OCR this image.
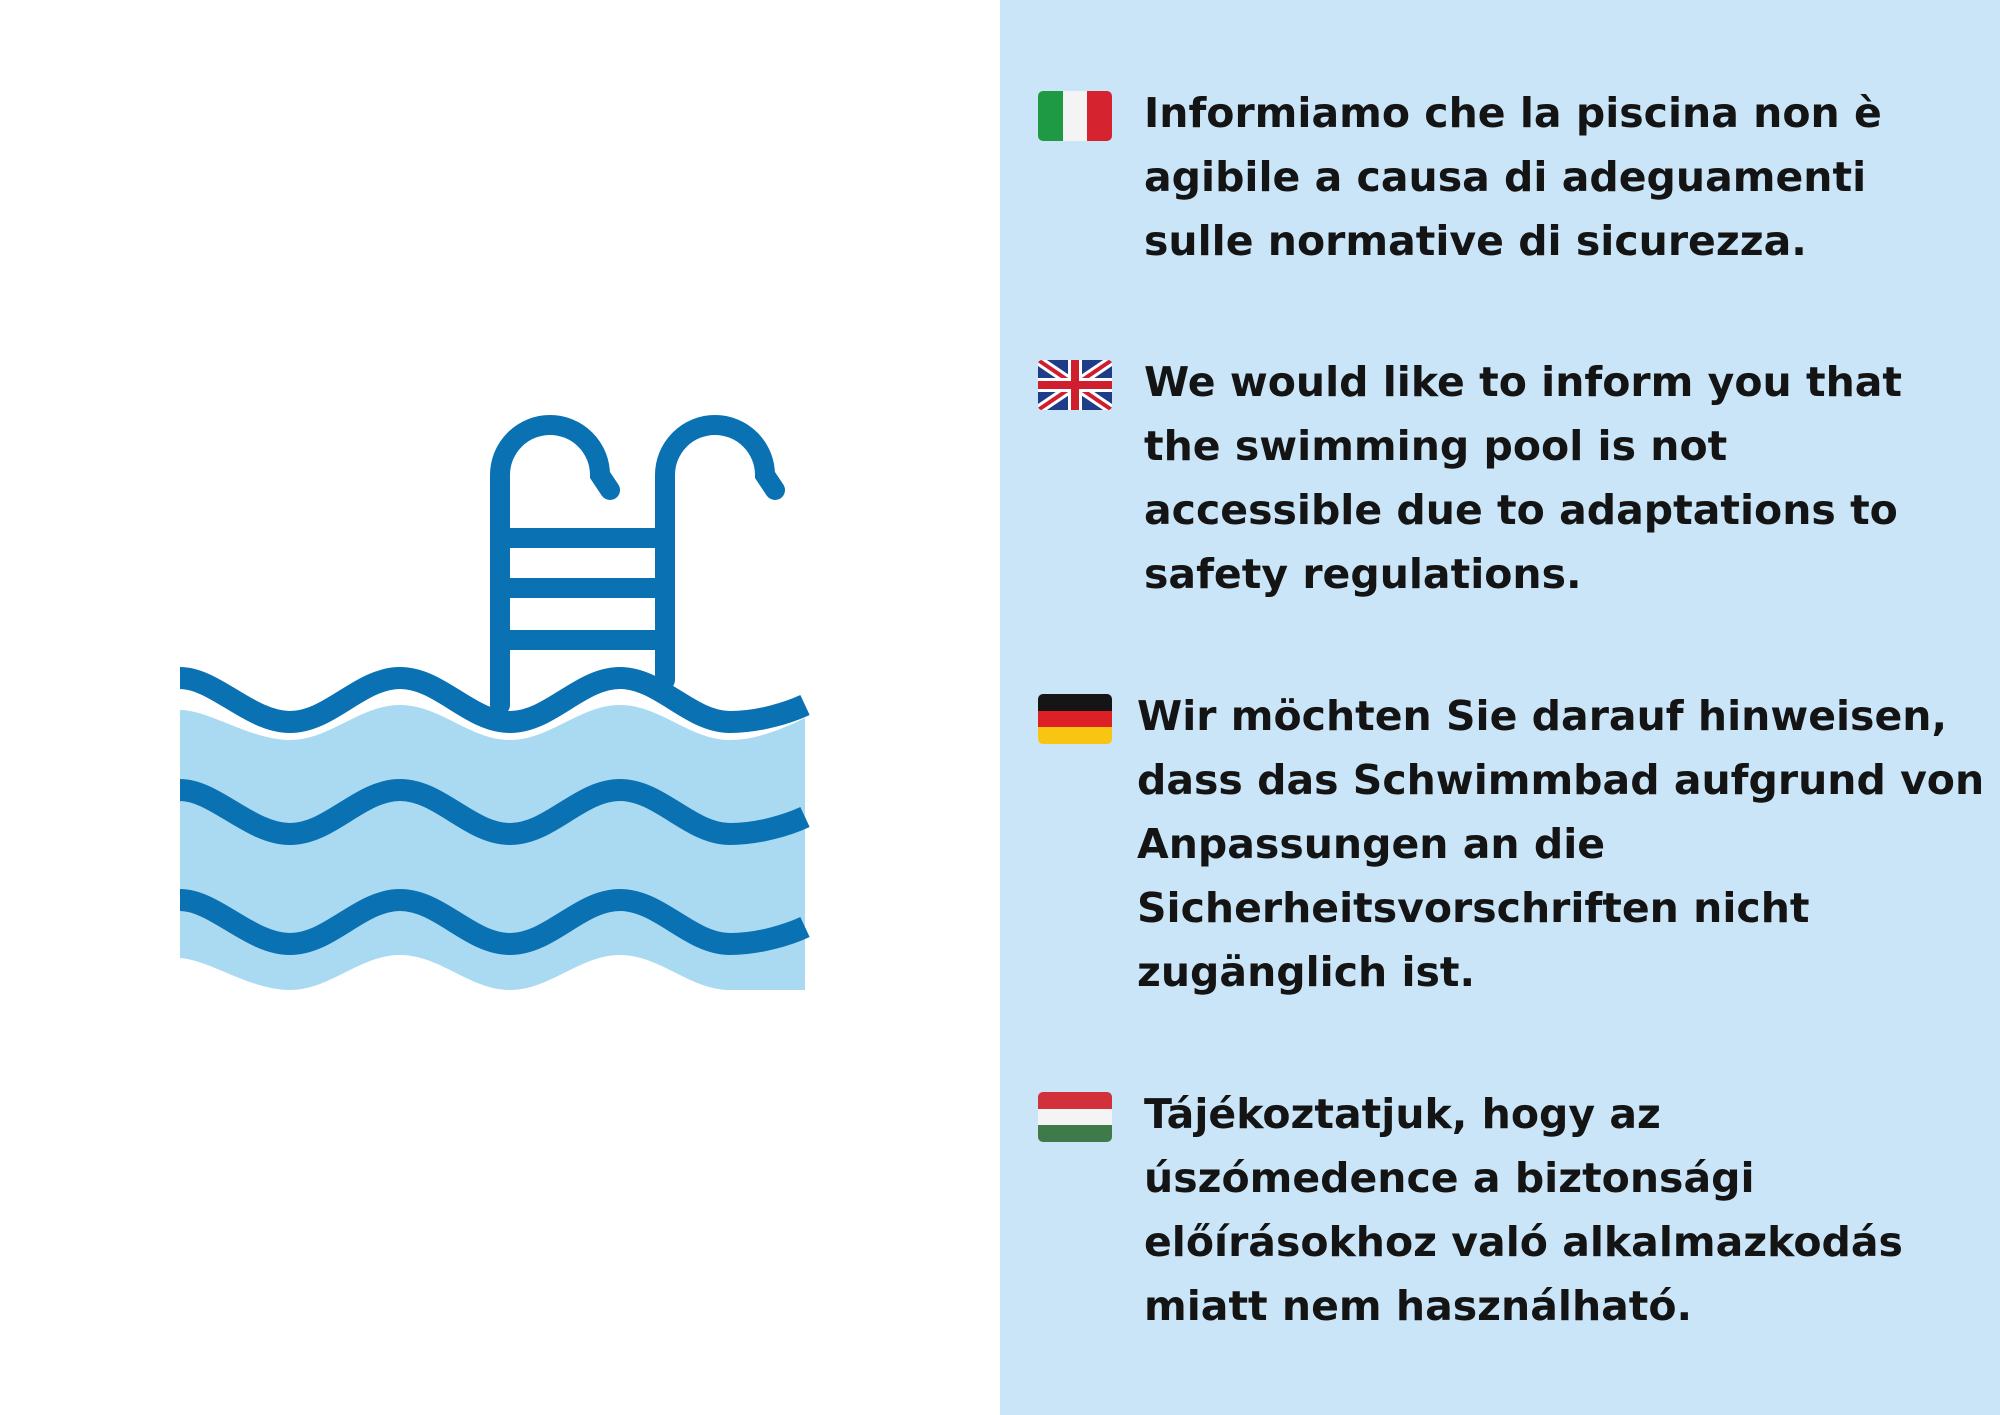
Informiamo che la piscina non è
agibile a causa di adeguamenti
sulle normative di sicurezza.

We would like to inform you that
the swimming pool is not
accessible due to adaptations to
safety regulations.

Wir möchten Sie darauf hinweisen,
dass das Schwimmbad aufgrund von
Anpassungen an die
Sicherheitsvorschriften nicht
zugänglich ist.

Tájékoztatjuk, hogy az
úszómedence a biztonsági
előírásokhoz való alkalmazkodás
miatt nem használható.
